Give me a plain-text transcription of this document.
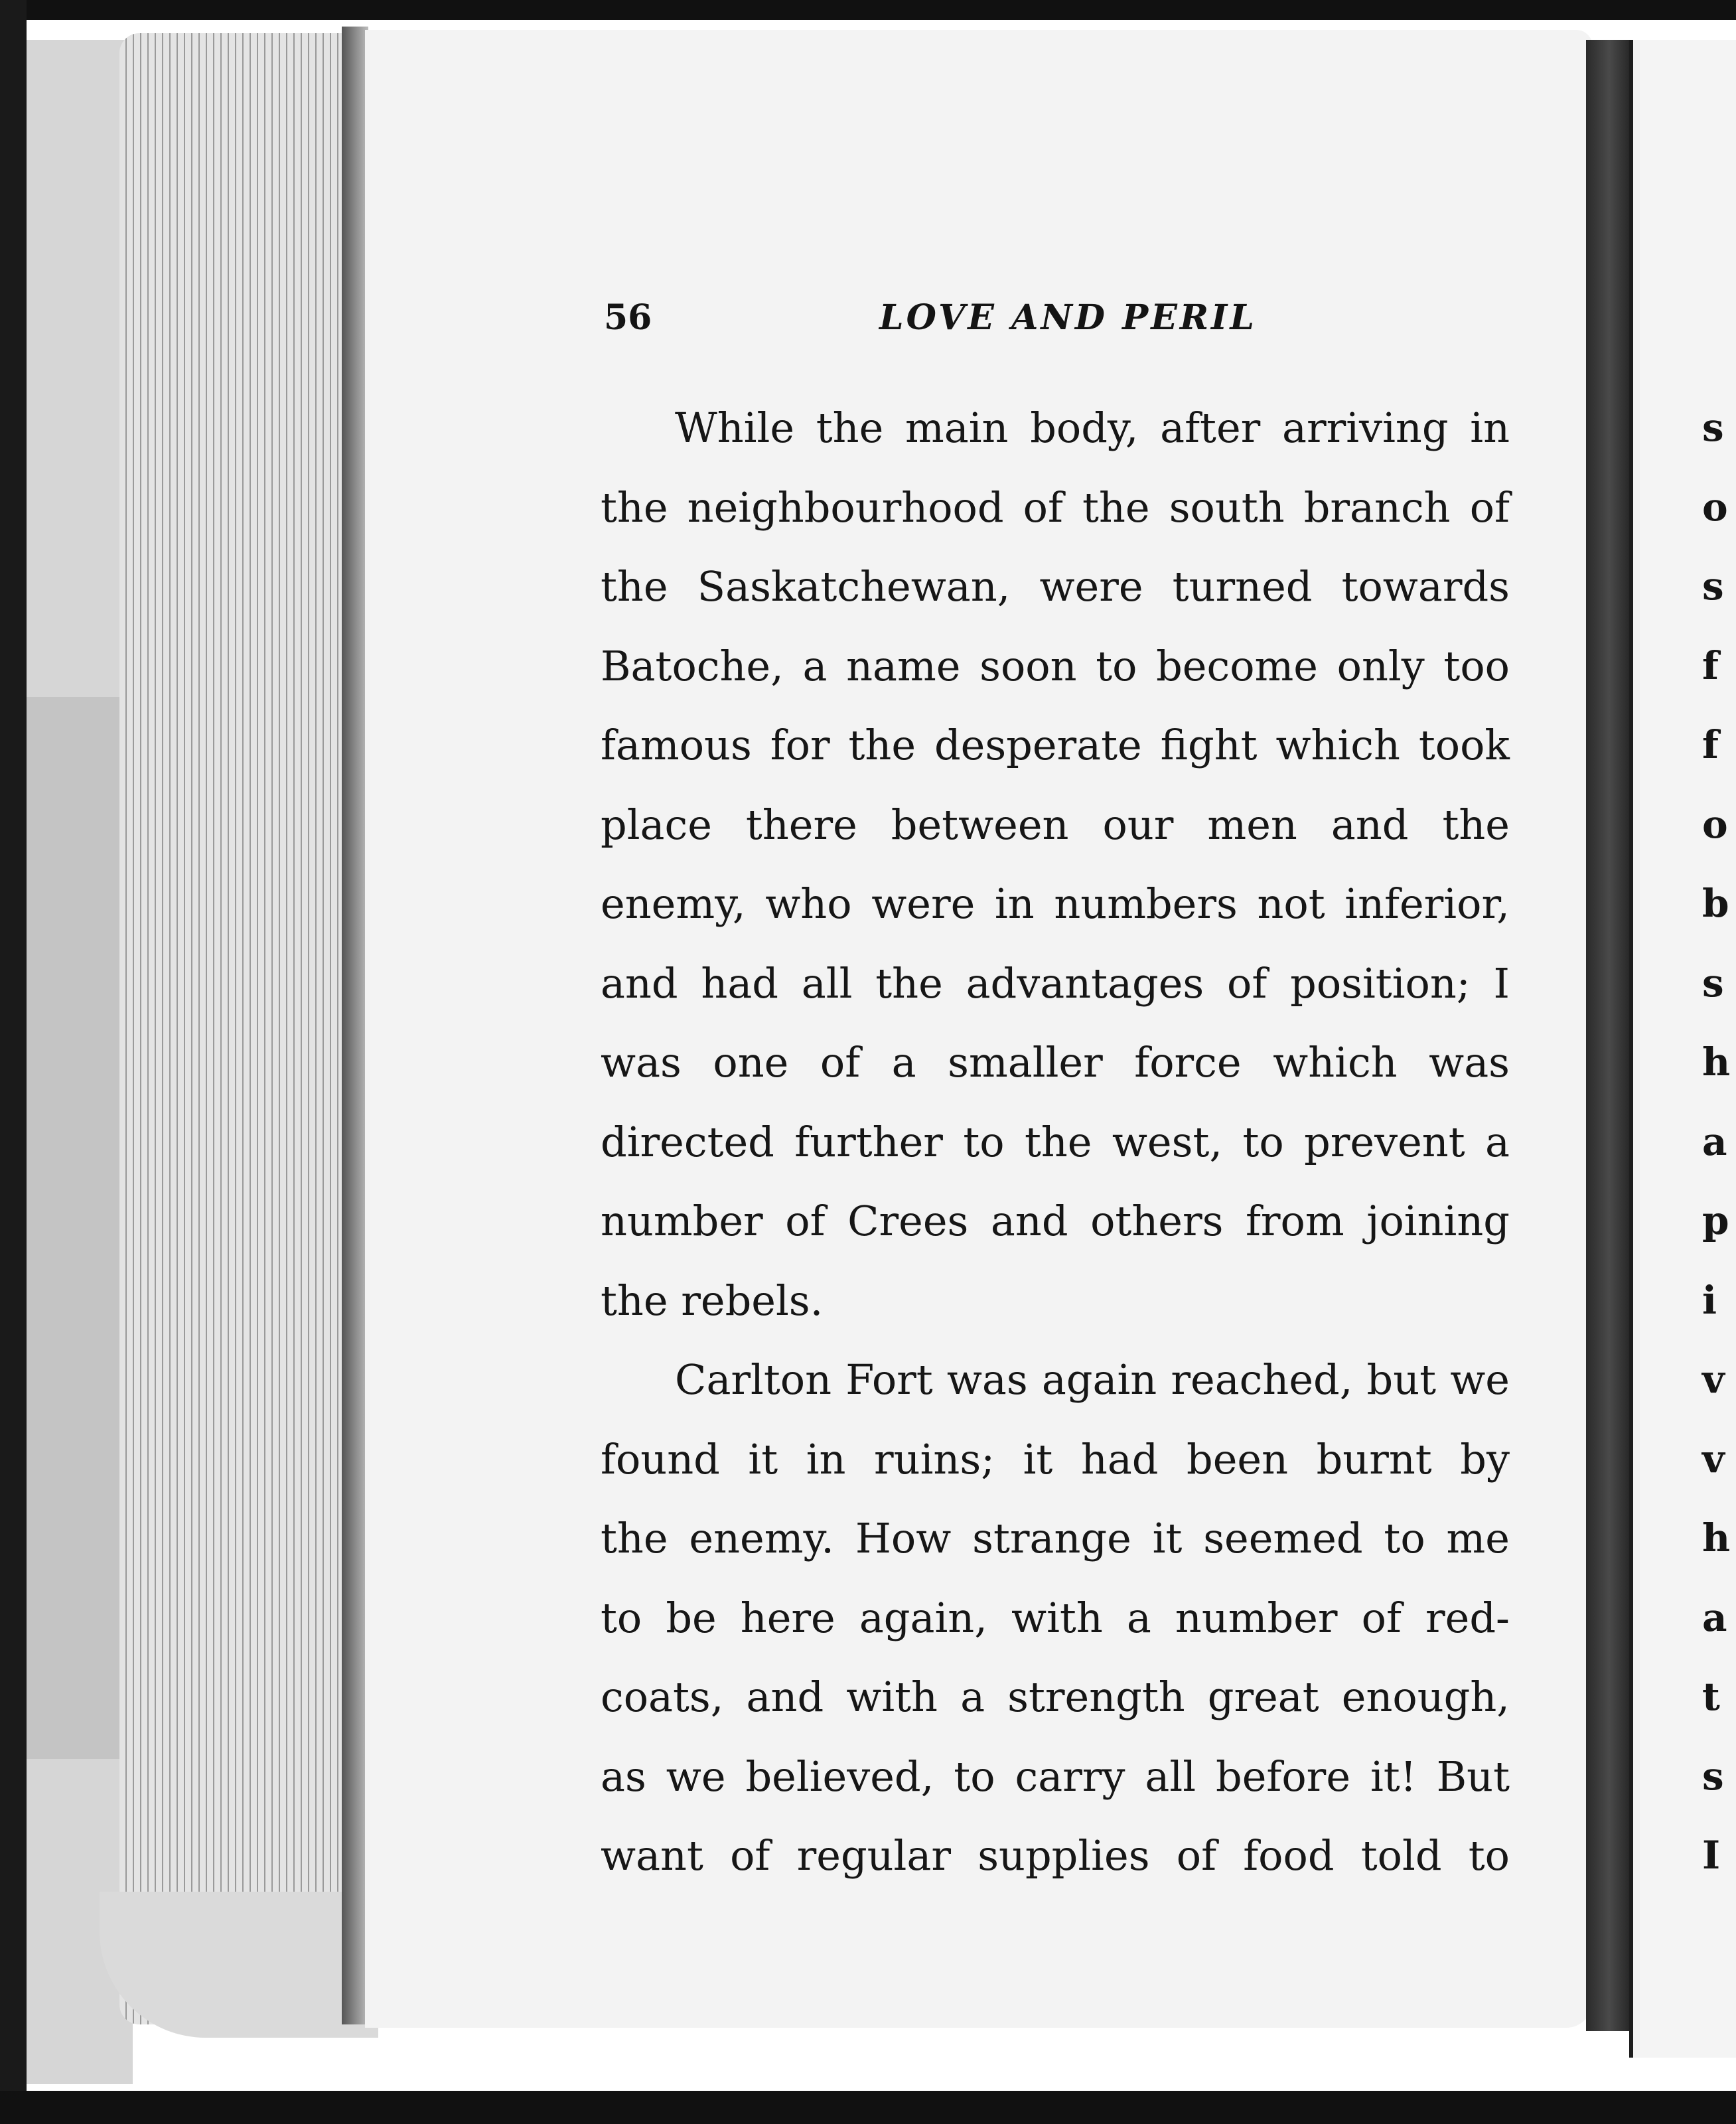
56	LOVE AND PERIL
While the main body, after arriving in
the neighbourhood of the south branch of
the Saskatchewan, were turned towards
Batoche, a name soon to become only too
famous for the desperate fight which took
place there between our men and the
enemy, who were in numbers not inferior,
and had all the advantages of position; I
was one of a smaller force which was
directed further to the west, to prevent a
number of Crees and others from joining
the rebels.
Carlton Fort was again reached, but we
found it in ruins; it had been burnt by
the enemy. How strange it seemed to me
to be here again, with a number of red-
coats, and with a strength great enough,
as we believed, to carry all before it! But
want of regular supplies of food told to
s
o
s
f
f
o
b
s
h
a
p
i
v
v
h
a
t
s
I
